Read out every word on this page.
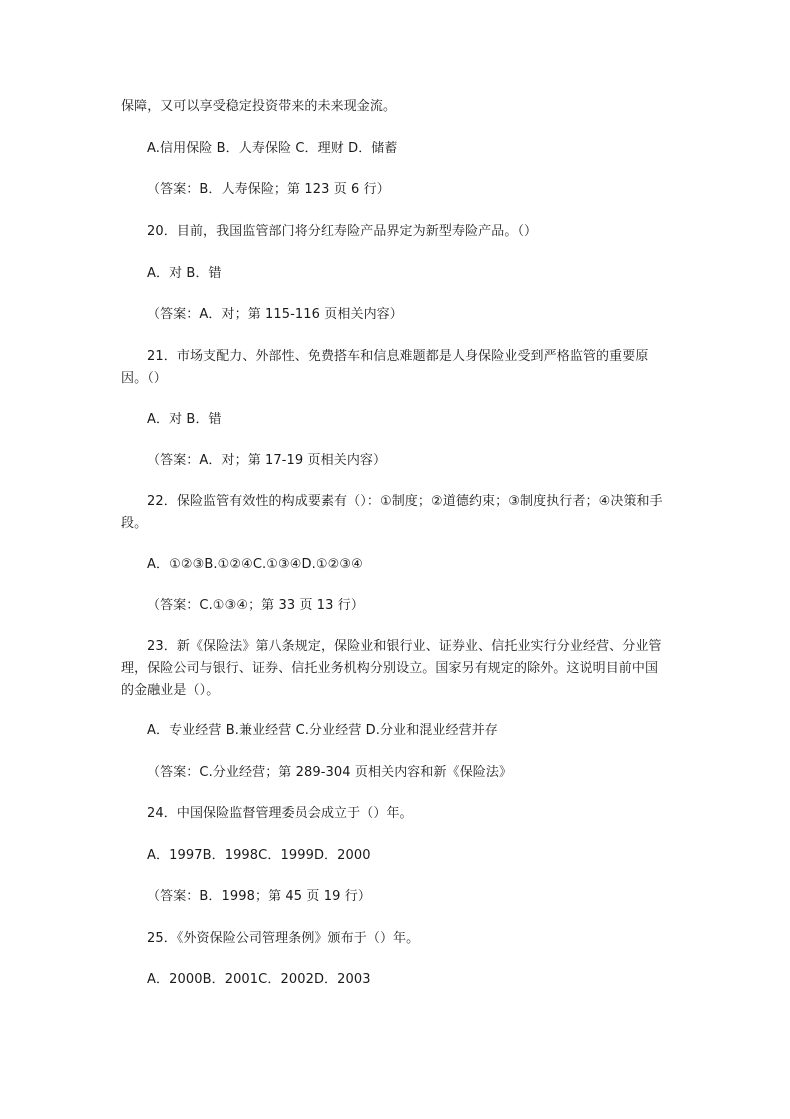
保障，又可以享受稳定投资带来的未来现金流。
A.信用保险 B．人寿保险 C．理财 D．储蓄
（答案：B．人寿保险；第 123 页 6 行）
20．目前，我国监管部门将分红寿险产品界定为新型寿险产品。（）
A．对 B．错
（答案：A．对；第 115-116 页相关内容）
21．市场支配力、外部性、免费搭车和信息难题都是人身保险业受到严格监管的重要原因。（）
A．对 B．错
（答案：A．对；第 17-19 页相关内容）
22．保险监管有效性的构成要素有（）：①制度；②道德约束；③制度执行者；④决策和手段。
A．①②③B.①②④C.①③④D.①②③④
（答案：C.①③④；第 33 页 13 行）
23．新《保险法》第八条规定，保险业和银行业、证券业、信托业实行分业经营、分业管理，保险公司与银行、证券、信托业务机构分别设立。国家另有规定的除外。这说明目前中国的金融业是（）。
A．专业经营 B.兼业经营 C.分业经营 D.分业和混业经营并存
（答案：C.分业经营；第 289-304 页相关内容和新《保险法》
24．中国保险监督管理委员会成立于（）年。
A．1997B．1998C．1999D．2000
（答案：B．1998；第 45 页 19 行）
25．《外资保险公司管理条例》颁布于（）年。
A．2000B．2001C．2002D．2003
